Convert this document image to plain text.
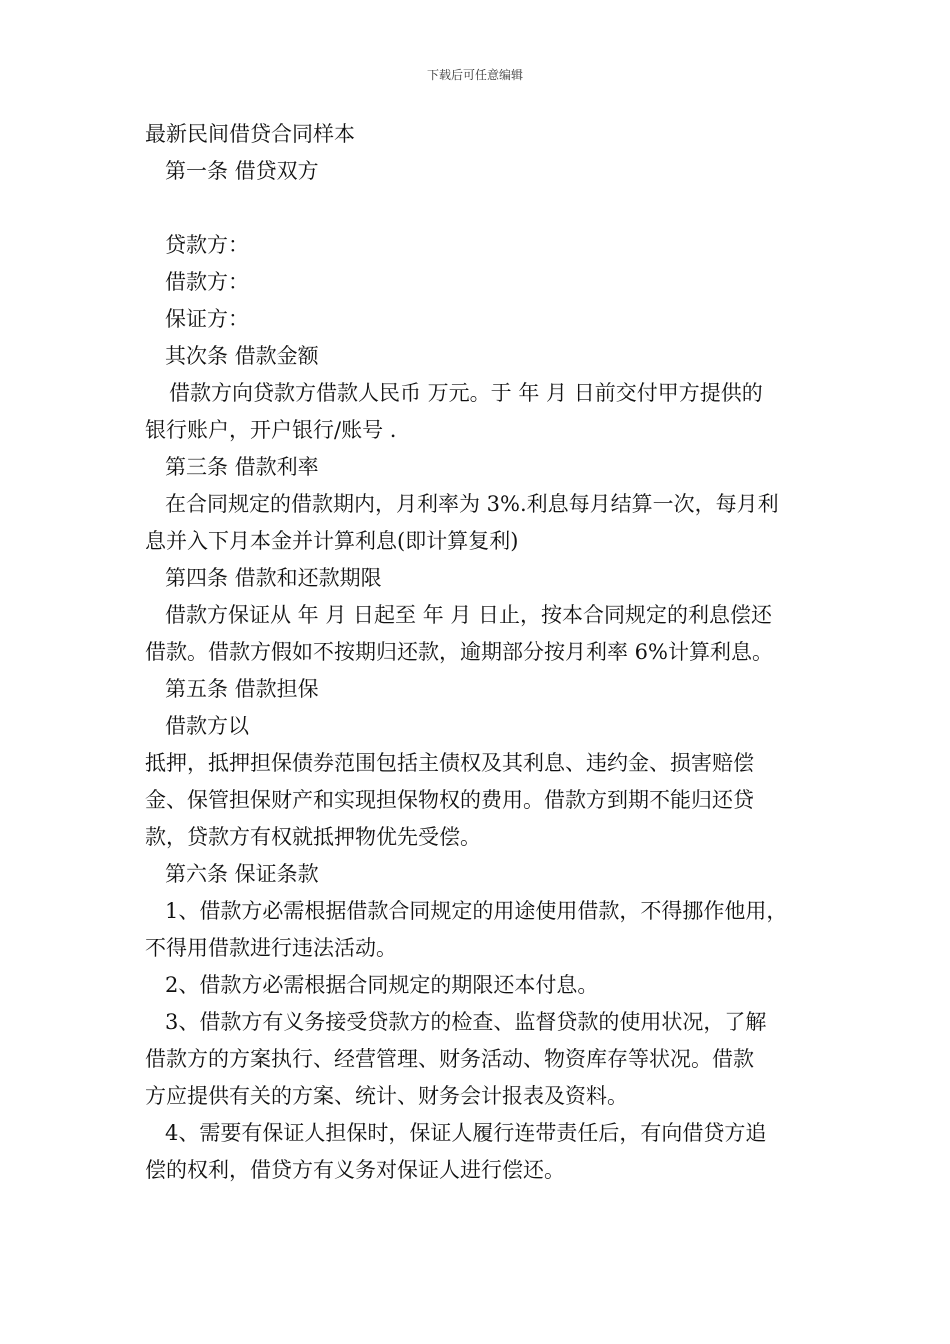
下载后可任意编辑

最新民间借贷合同样本

第一条 借贷双方

贷款方：

借款方：

保证方：

其次条 借款金额

借款方向贷款方借款人民币 万元。于 年 月 日前交付甲方提供的

银行账户，开户银行/账号 .

第三条 借款利率

在合同规定的借款期内，月利率为 3%.利息每月结算一次，每月利

息并入下月本金并计算利息(即计算复利)

第四条 借款和还款期限

借款方保证从 年 月 日起至 年 月 日止，按本合同规定的利息偿还

借款。借款方假如不按期归还款，逾期部分按月利率 6%计算利息。

第五条 借款担保

借款方以

抵押，抵押担保债券范围包括主债权及其利息、违约金、损害赔偿

金、保管担保财产和实现担保物权的费用。借款方到期不能归还贷

款，贷款方有权就抵押物优先受偿。

第六条 保证条款

1、借款方必需根据借款合同规定的用途使用借款，不得挪作他用，

不得用借款进行违法活动。

2、借款方必需根据合同规定的期限还本付息。

3、借款方有义务接受贷款方的检查、监督贷款的使用状况，了解

借款方的方案执行、经营管理、财务活动、物资库存等状况。借款

方应提供有关的方案、统计、财务会计报表及资料。

4、需要有保证人担保时，保证人履行连带责任后，有向借贷方追

偿的权利，借贷方有义务对保证人进行偿还。
